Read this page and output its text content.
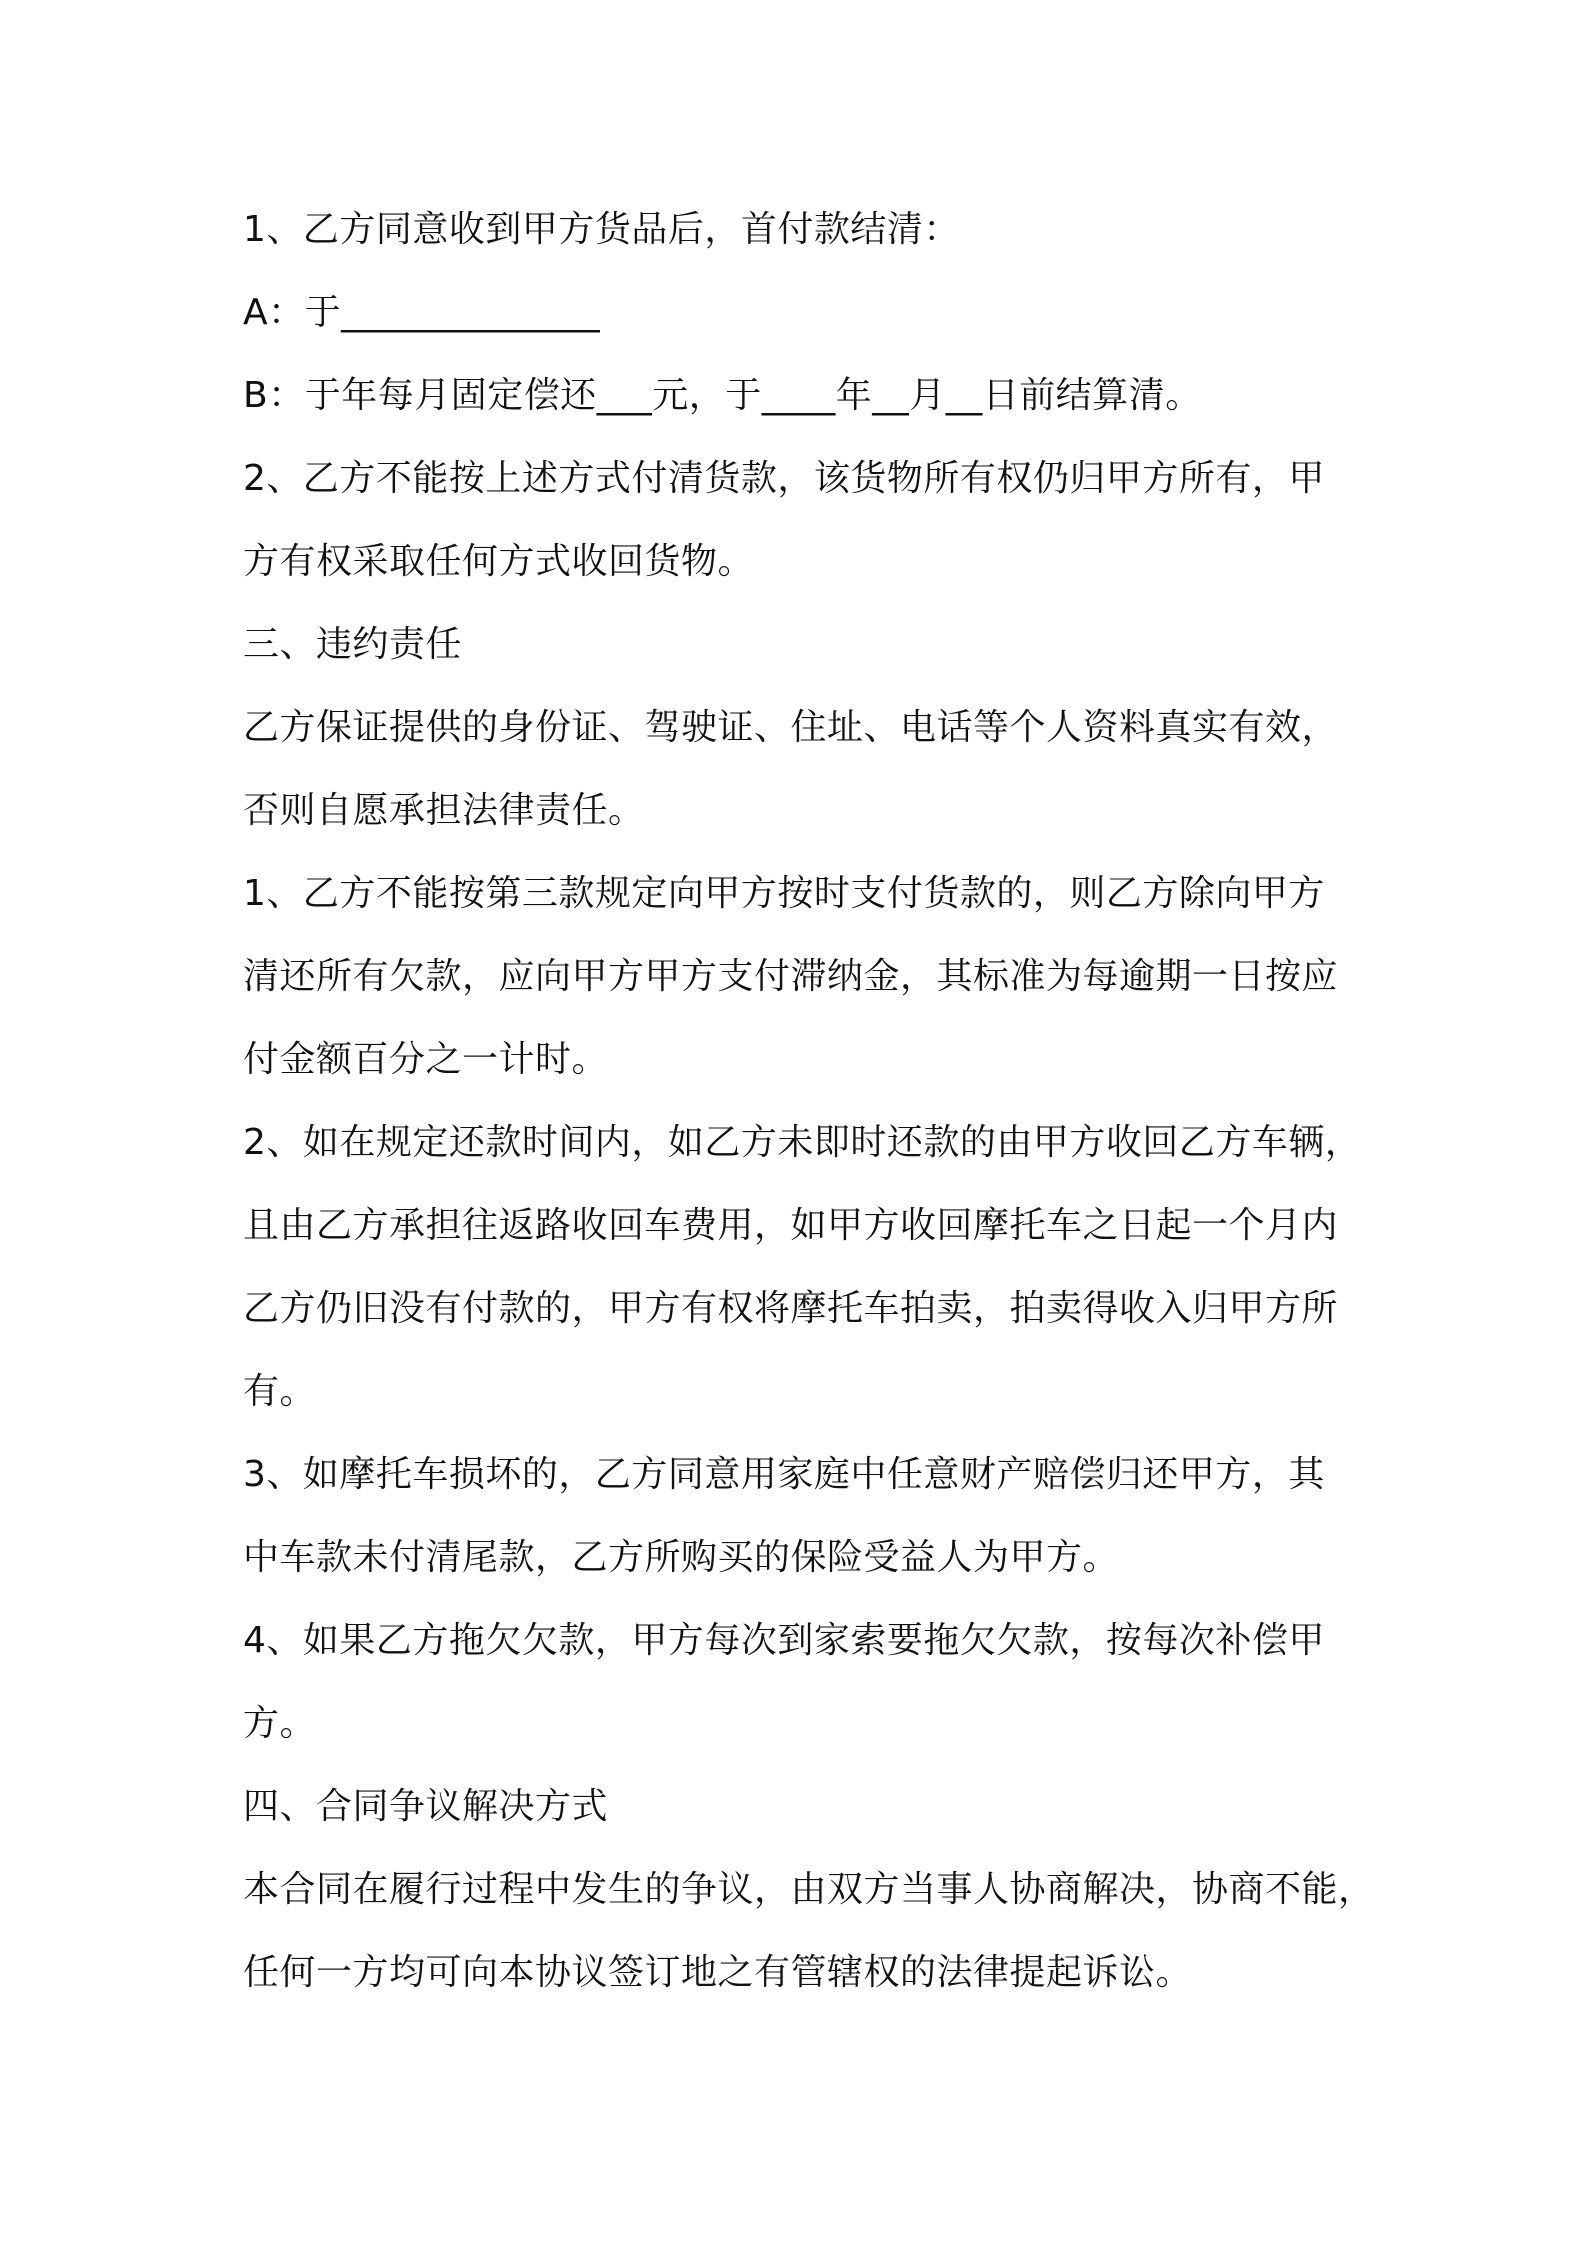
1、乙方同意收到甲方货品后，首付款结清：
A：于______________
B：于年每月固定偿还___元，于____年__月__日前结算清。
2、乙方不能按上述方式付清货款，该货物所有权仍归甲方所有，甲
方有权采取任何方式收回货物。
三、违约责任
乙方保证提供的身份证、驾驶证、住址、电话等个人资料真实有效，
否则自愿承担法律责任。
1、乙方不能按第三款规定向甲方按时支付货款的，则乙方除向甲方
清还所有欠款，应向甲方甲方支付滞纳金，其标准为每逾期一日按应
付金额百分之一计时。
2、如在规定还款时间内，如乙方未即时还款的由甲方收回乙方车辆，
且由乙方承担往返路收回车费用，如甲方收回摩托车之日起一个月内
乙方仍旧没有付款的，甲方有权将摩托车拍卖，拍卖得收入归甲方所
有。
3、如摩托车损坏的，乙方同意用家庭中任意财产赔偿归还甲方，其
中车款未付清尾款，乙方所购买的保险受益人为甲方。
4、如果乙方拖欠欠款，甲方每次到家索要拖欠欠款，按每次补偿甲
方。
四、合同争议解决方式
本合同在履行过程中发生的争议，由双方当事人协商解决，协商不能，
任何一方均可向本协议签订地之有管辖权的法律提起诉讼。
